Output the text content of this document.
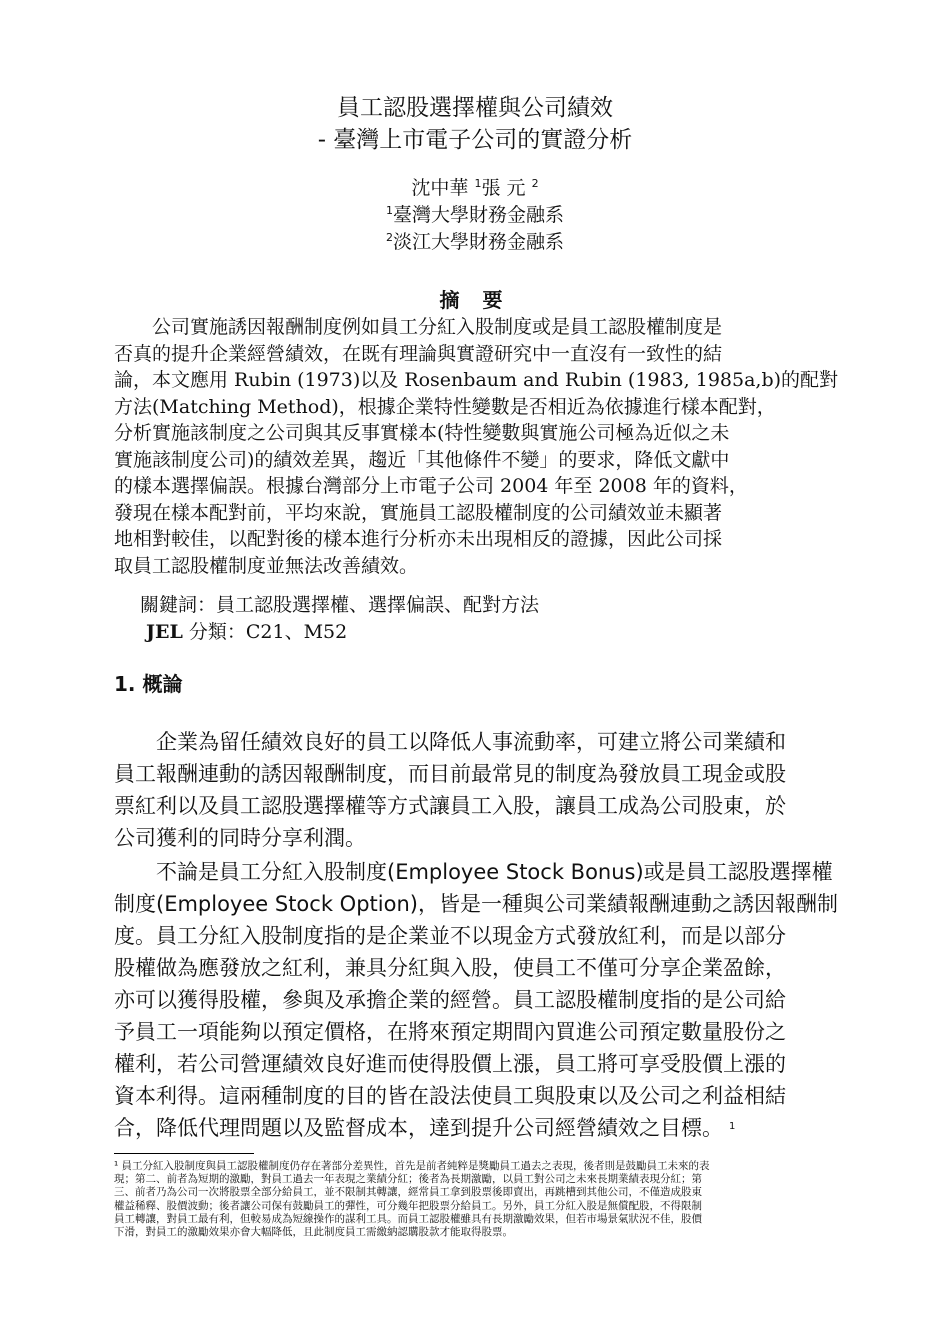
員工認股選擇權與公司績效
- 臺灣上市電子公司的實證分析
沈中華 $^1$張 元 $^2$
$^1$臺灣大學財務金融系
$^2$淡江大學財務金融系
摘 要
　　公司實施誘因報酬制度例如員工分紅入股制度或是員工認股權制度是
否真的提升企業經營績效，在既有理論與實證研究中一直沒有一致性的結
論，本文應用 Rubin (1973)以及 Rosenbaum and Rubin (1983, 1985a,b)的配對
方法(Matching Method)，根據企業特性變數是否相近為依據進行樣本配對，
分析實施該制度之公司與其反事實樣本(特性變數與實施公司極為近似之未
實施該制度公司)的績效差異，趨近「其他條件不變」的要求，降低文獻中
的樣本選擇偏誤。根據台灣部分上市電子公司 2004 年至 2008 年的資料，
發現在樣本配對前，平均來說，實施員工認股權制度的公司績效並未顯著
地相對較佳，以配對後的樣本進行分析亦未出現相反的證據，因此公司採
取員工認股權制度並無法改善績效。
關鍵詞：員工認股選擇權、選擇偏誤、配對方法
JEL 分類：C21、M52
1. 概論
　　企業為留任績效良好的員工以降低人事流動率，可建立將公司業績和
員工報酬連動的誘因報酬制度，而目前最常見的制度為發放員工現金或股
票紅利以及員工認股選擇權等方式讓員工入股，讓員工成為公司股東，於
公司獲利的同時分享利潤。
　　不論是員工分紅入股制度(Employee Stock Bonus)或是員工認股選擇權
制度(Employee Stock Option)，皆是一種與公司業績報酬連動之誘因報酬制
度。員工分紅入股制度指的是企業並不以現金方式發放紅利，而是以部分
股權做為應發放之紅利，兼具分紅與入股，使員工不僅可分享企業盈餘，
亦可以獲得股權，參與及承擔企業的經營。員工認股權制度指的是公司給
予員工一項能夠以預定價格，在將來預定期間內買進公司預定數量股份之
權利，若公司營運績效良好進而使得股價上漲，員工將可享受股價上漲的
資本利得。這兩種制度的目的皆在設法使員工與股東以及公司之利益相結
合，降低代理問題以及監督成本，達到提升公司經營績效之目標。 $^1$
¹ 員工分紅入股制度與員工認股權制度仍存在著部分差異性，首先是前者純粹是獎勵員工過去之表現，後者則是鼓勵員工未來的表
現；第二、前者為短期的激勵，對員工過去一年表現之業績分紅；後者為長期激勵，以員工對公司之未來長期業績表現分紅；第
三、前者乃為公司一次將股票全部分給員工，並不限制其轉讓，經常員工拿到股票後即賣出，再跳槽到其他公司，不僅造成股東
權益稀釋、股價波動；後者讓公司保有鼓勵員工的彈性，可分幾年把股票分給員工。另外，員工分紅入股是無償配股，不得限制
員工轉讓，對員工最有利，但較易成為短線操作的謀利工具。而員工認股權雖具有長期激勵效果，但若市場景氣狀況不佳，股價
下滑，對員工的激勵效果亦會大幅降低，且此制度員工需繳納認購股款才能取得股票。
